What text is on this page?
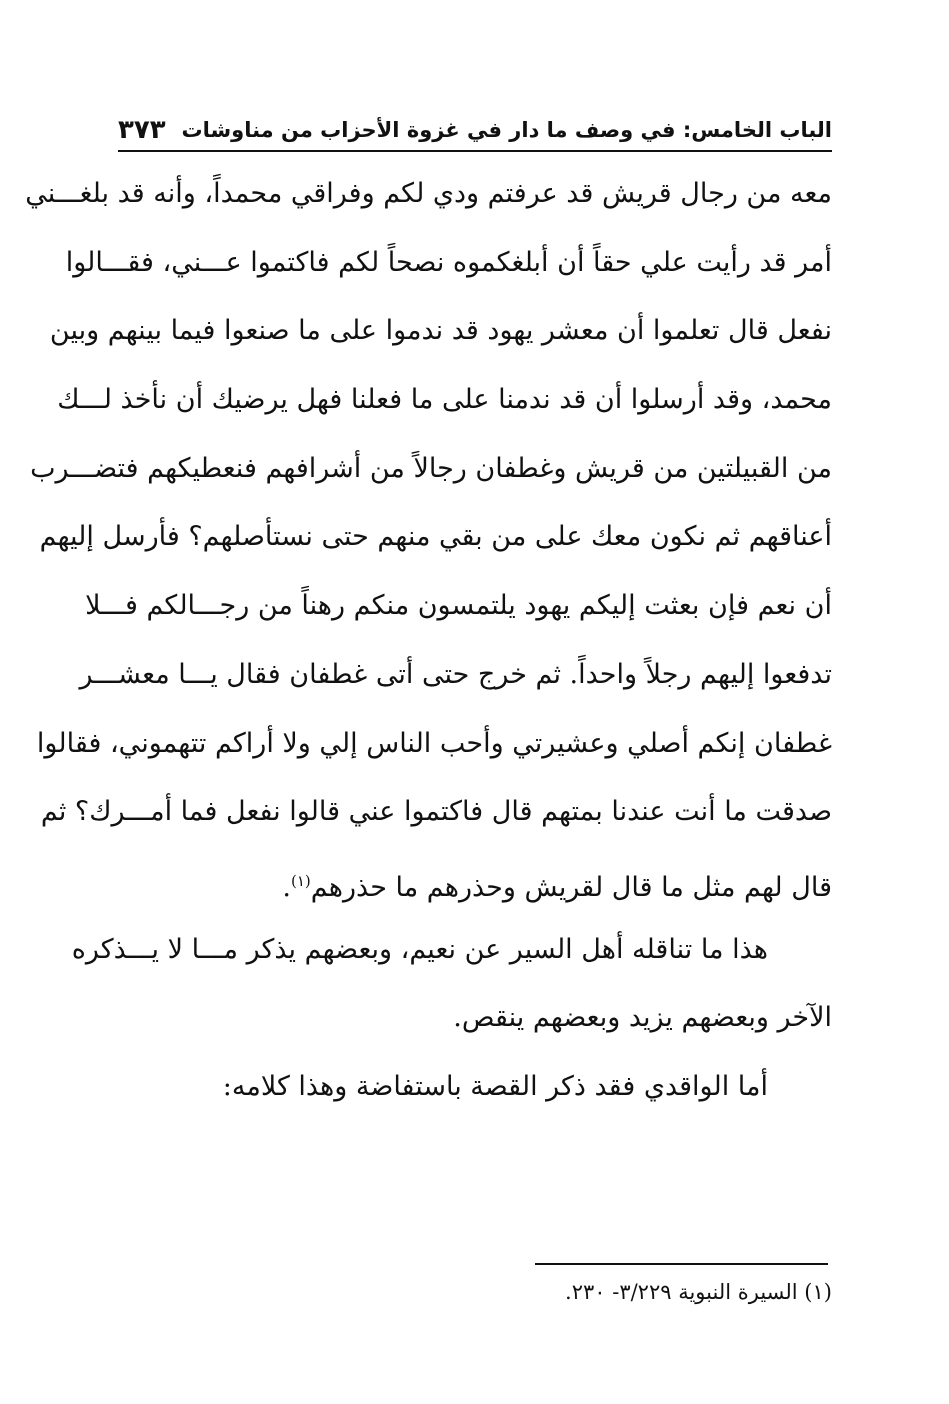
الباب الخامس: في وصف ما دار في غزوة الأحزاب من مناوشات
٣٧٣

معه من رجال قريش قد عرفتم ودي لكم وفراقي محمداً، وأنه قد بلغـــني
أمر قد رأيت علي حقاً أن أبلغكموه نصحاً لكم فاكتموا عـــني، فقـــالوا
نفعل قال تعلموا أن معشر يهود قد ندموا على ما صنعوا فيما بينهم وبين
محمد، وقد أرسلوا أن قد ندمنا على ما فعلنا فهل يرضيك أن نأخذ لـــك
من القبيلتين من قريش وغطفان رجالاً من أشرافهم فنعطيكهم فتضـــرب
أعناقهم ثم نكون معك على من بقي منهم حتى نستأصلهم؟ فأرسل إليهم
أن نعم فإن بعثت إليكم يهود يلتمسون منكم رهناً من رجـــالكم فـــلا
تدفعوا إليهم رجلاً واحداً. ثم خرج حتى أتى غطفان فقال يـــا معشـــر
غطفان إنكم أصلي وعشيرتي وأحب الناس إلي ولا أراكم تتهموني، فقالوا
صدقت ما أنت عندنا بمتهم قال فاكتموا عني قالوا نفعل فما أمـــرك؟ ثم
قال لهم مثل ما قال لقريش وحذرهم ما حذرهم$^{(١)}$.

هذا ما تناقله أهل السير عن نعيم، وبعضهم يذكر مـــا لا يـــذكره
الآخر وبعضهم يزيد وبعضهم ينقص.

أما الواقدي فقد ذكر القصة باستفاضة وهذا كلامه:

(١) السيرة النبوية ٣/٢٢٩- ٢٣٠.
